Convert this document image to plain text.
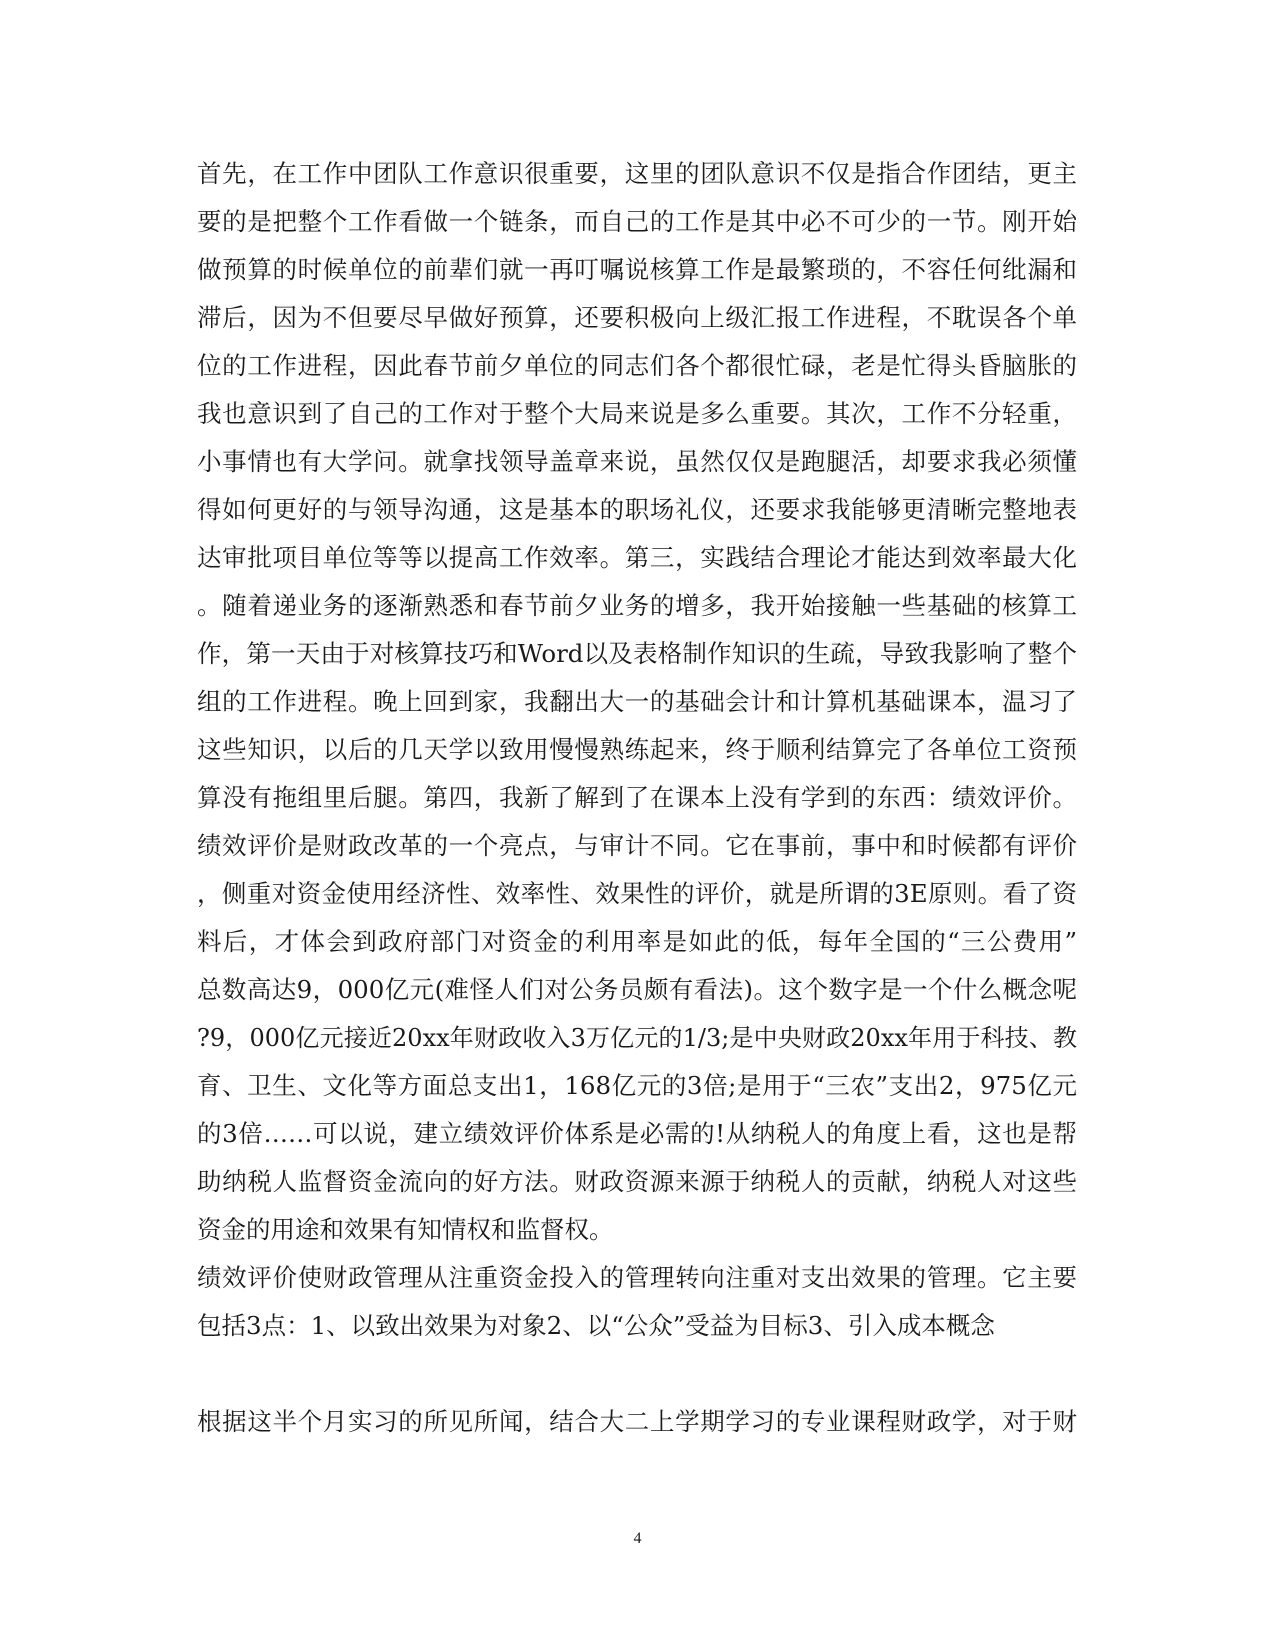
首先，在工作中团队工作意识很重要，这里的团队意识不仅是指合作团结，更主
要的是把整个工作看做一个链条，而自己的工作是其中必不可少的一节。刚开始
做预算的时候单位的前辈们就一再叮嘱说核算工作是最繁琐的，不容任何纰漏和
滞后，因为不但要尽早做好预算，还要积极向上级汇报工作进程，不耽误各个单
位的工作进程，因此春节前夕单位的同志们各个都很忙碌，老是忙得头昏脑胀的
我也意识到了自己的工作对于整个大局来说是多么重要。其次，工作不分轻重，
小事情也有大学问。就拿找领导盖章来说，虽然仅仅是跑腿活，却要求我必须懂
得如何更好的与领导沟通，这是基本的职场礼仪，还要求我能够更清晰完整地表
达审批项目单位等等以提高工作效率。第三，实践结合理论才能达到效率最大化
。随着递业务的逐渐熟悉和春节前夕业务的增多，我开始接触一些基础的核算工
作，第一天由于对核算技巧和Word以及表格制作知识的生疏，导致我影响了整个
组的工作进程。晚上回到家，我翻出大一的基础会计和计算机基础课本，温习了
这些知识，以后的几天学以致用慢慢熟练起来，终于顺利结算完了各单位工资预
算没有拖组里后腿。第四，我新了解到了在课本上没有学到的东西：绩效评价。
绩效评价是财政改革的一个亮点，与审计不同。它在事前，事中和时候都有评价
，侧重对资金使用经济性、效率性、效果性的评价，就是所谓的3E原则。看了资
料后，才体会到政府部门对资金的利用率是如此的低，每年全国的“三公费用”
总数高达9，000亿元(难怪人们对公务员颇有看法)。这个数字是一个什么概念呢
?9，000亿元接近20xx年财政收入3万亿元的1/3;是中央财政20xx年用于科技、教
育、卫生、文化等方面总支出1，168亿元的3倍;是用于“三农”支出2，975亿元
的3倍……可以说，建立绩效评价体系是必需的!从纳税人的角度上看，这也是帮
助纳税人监督资金流向的好方法。财政资源来源于纳税人的贡献，纳税人对这些
资金的用途和效果有知情权和监督权。
绩效评价使财政管理从注重资金投入的管理转向注重对支出效果的管理。它主要
包括3点：1、以致出效果为对象2、以“公众”受益为目标3、引入成本概念
根据这半个月实习的所见所闻，结合大二上学期学习的专业课程财政学，对于财
4
